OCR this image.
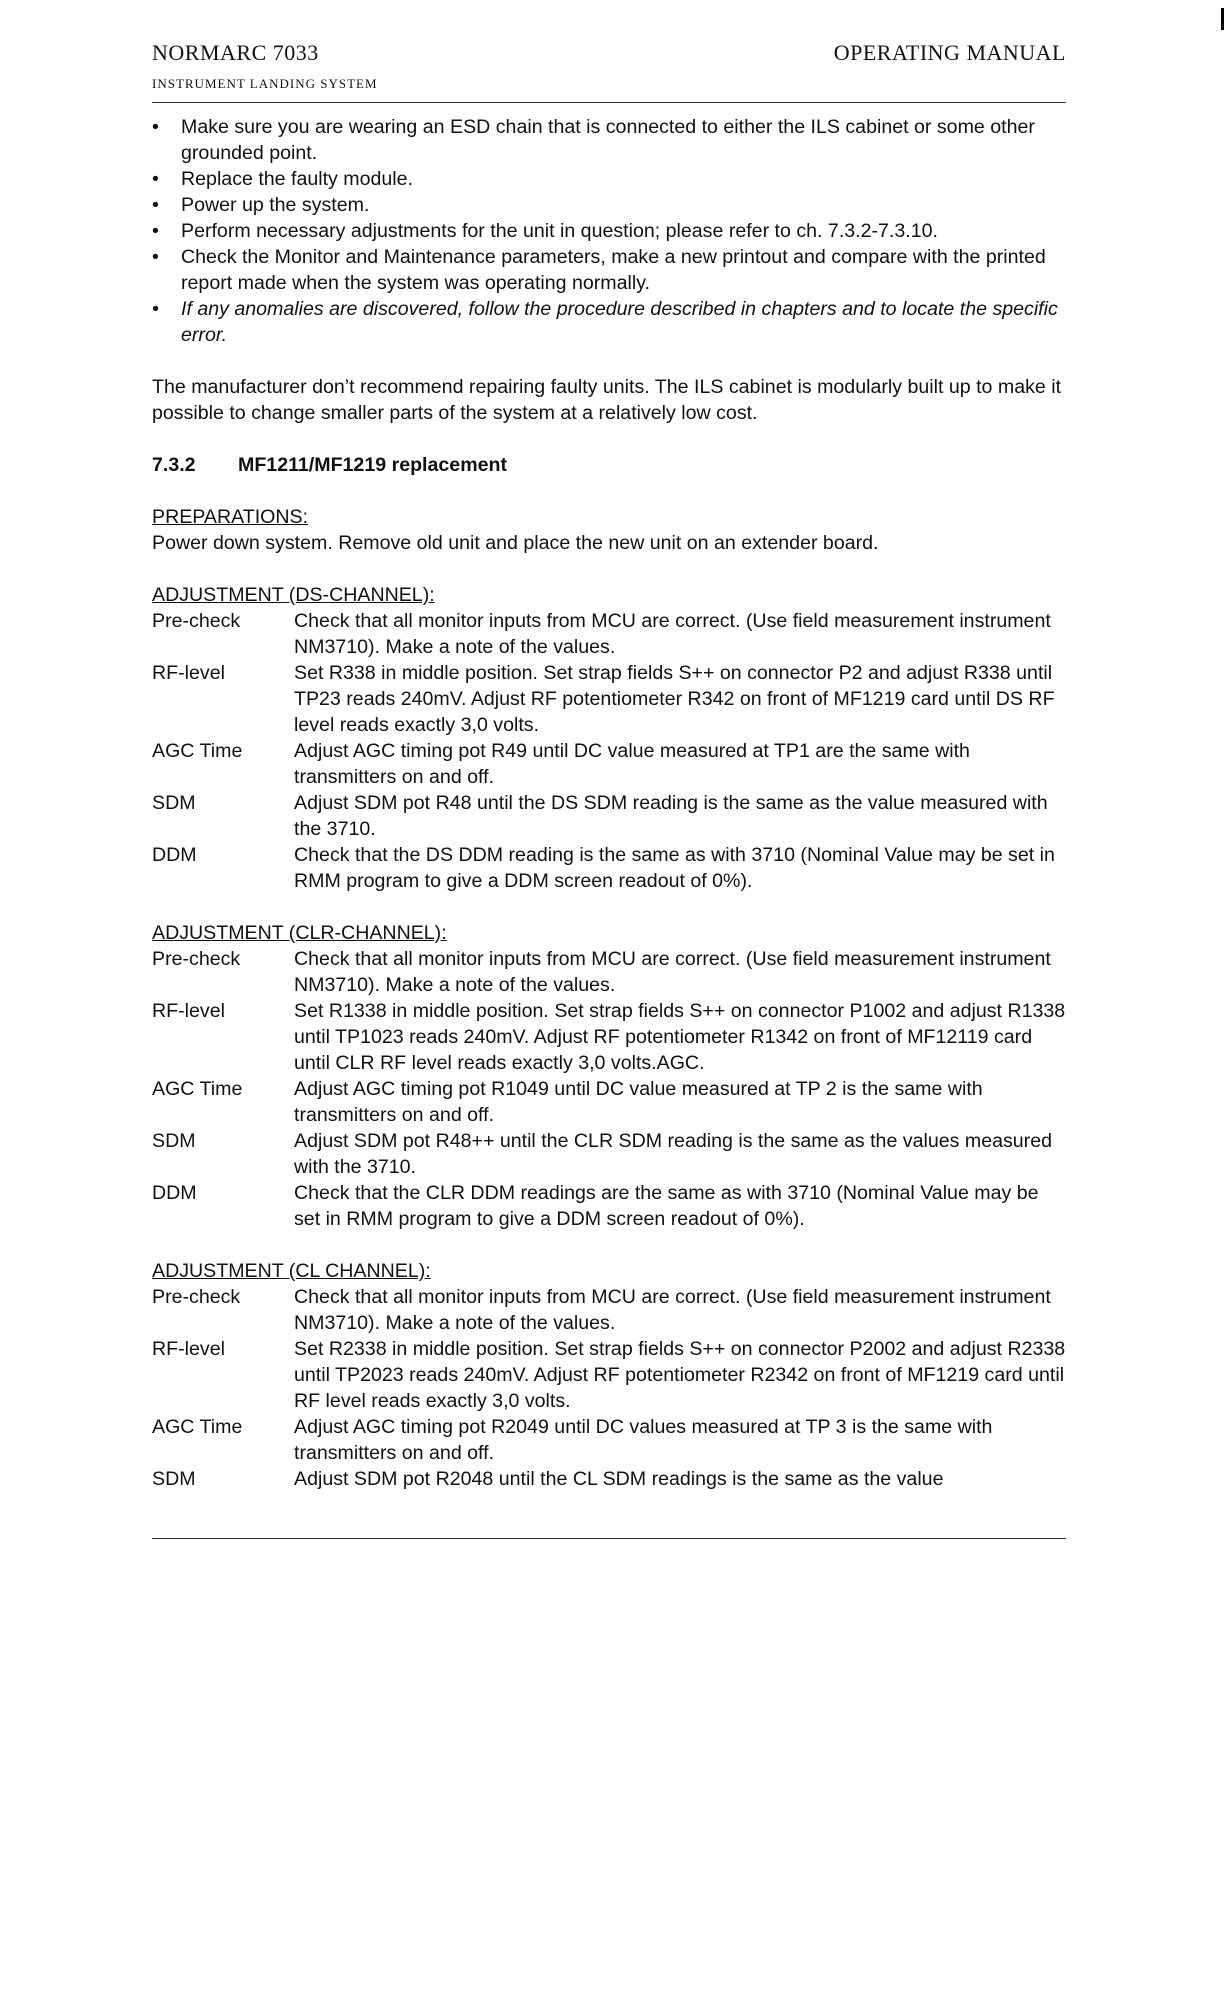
NORMARC 7033
INSTRUMENT LANDING SYSTEM
OPERATING MANUAL
• Make sure you are wearing an ESD chain that is connected to either the ILS cabinet or some other grounded point.
• Replace the faulty module.
• Power up the system.
• Perform necessary adjustments for the unit in question; please refer to ch. 7.3.2-7.3.10.
• Check the Monitor and Maintenance parameters, make a new printout and compare with the printed report made when the system was operating normally.
• If any anomalies are discovered, follow the procedure described in chapters and to locate the specific error.

The manufacturer don’t recommend repairing faulty units. The ILS cabinet is modularly built up to make it possible to change smaller parts of the system at a relatively low cost.

7.3.2 MF1211/MF1219 replacement
PREPARATIONS:

Power down system. Remove old unit and place the new unit on an extender board.

ADJUSTMENT (DS-CHANNEL):
Pre-check	Check that all monitor inputs from MCU are correct. (Use field measurement instrument NM3710). Make a note of the values.
RF-level	Set R338 in middle position. Set strap fields S++ on connector P2 and adjust R338 until TP23 reads 240mV. Adjust RF potentiometer R342 on front of MF1219 card until DS RF level reads exactly 3,0 volts.
AGC Time	Adjust AGC timing pot R49 until DC value measured at TP1 are the same with transmitters on and off.
SDM	Adjust SDM pot R48 until the DS SDM reading is the same as the value measured with the 3710.
DDM	Check that the DS DDM reading is the same as with 3710 (Nominal Value may be set in RMM program to give a DDM screen readout of 0%).
ADJUSTMENT (CLR-CHANNEL):
Pre-check	Check that all monitor inputs from MCU are correct. (Use field measurement instrument NM3710). Make a note of the values.
RF-level	Set R1338 in middle position. Set strap fields S++ on connector P1002 and adjust R1338 until TP1023 reads 240mV. Adjust RF potentiometer R1342 on front of MF12119 card until CLR RF level reads exactly 3,0 volts.AGC.
AGC Time	Adjust AGC timing pot R1049 until DC value measured at TP 2 is the same with transmitters on and off.
SDM	Adjust SDM pot R48++ until the CLR SDM reading is the same as the values measured with the 3710.
DDM	Check that the CLR DDM readings are the same as with 3710 (Nominal Value may be set in RMM program to give a DDM screen readout of 0%).
ADJUSTMENT (CL CHANNEL):
Pre-check	Check that all monitor inputs from MCU are correct. (Use field measurement instrument NM3710). Make a note of the values.
RF-level	Set R2338 in middle position. Set strap fields S++ on connector P2002 and adjust R2338 until TP2023 reads 240mV. Adjust RF potentiometer R2342 on front of MF1219 card until RF level reads exactly 3,0 volts.
AGC Time	Adjust AGC timing pot R2049 until DC values measured at TP 3 is the same with transmitters on and off.
SDM	Adjust SDM pot R2048 until the CL SDM readings is the same as the value
